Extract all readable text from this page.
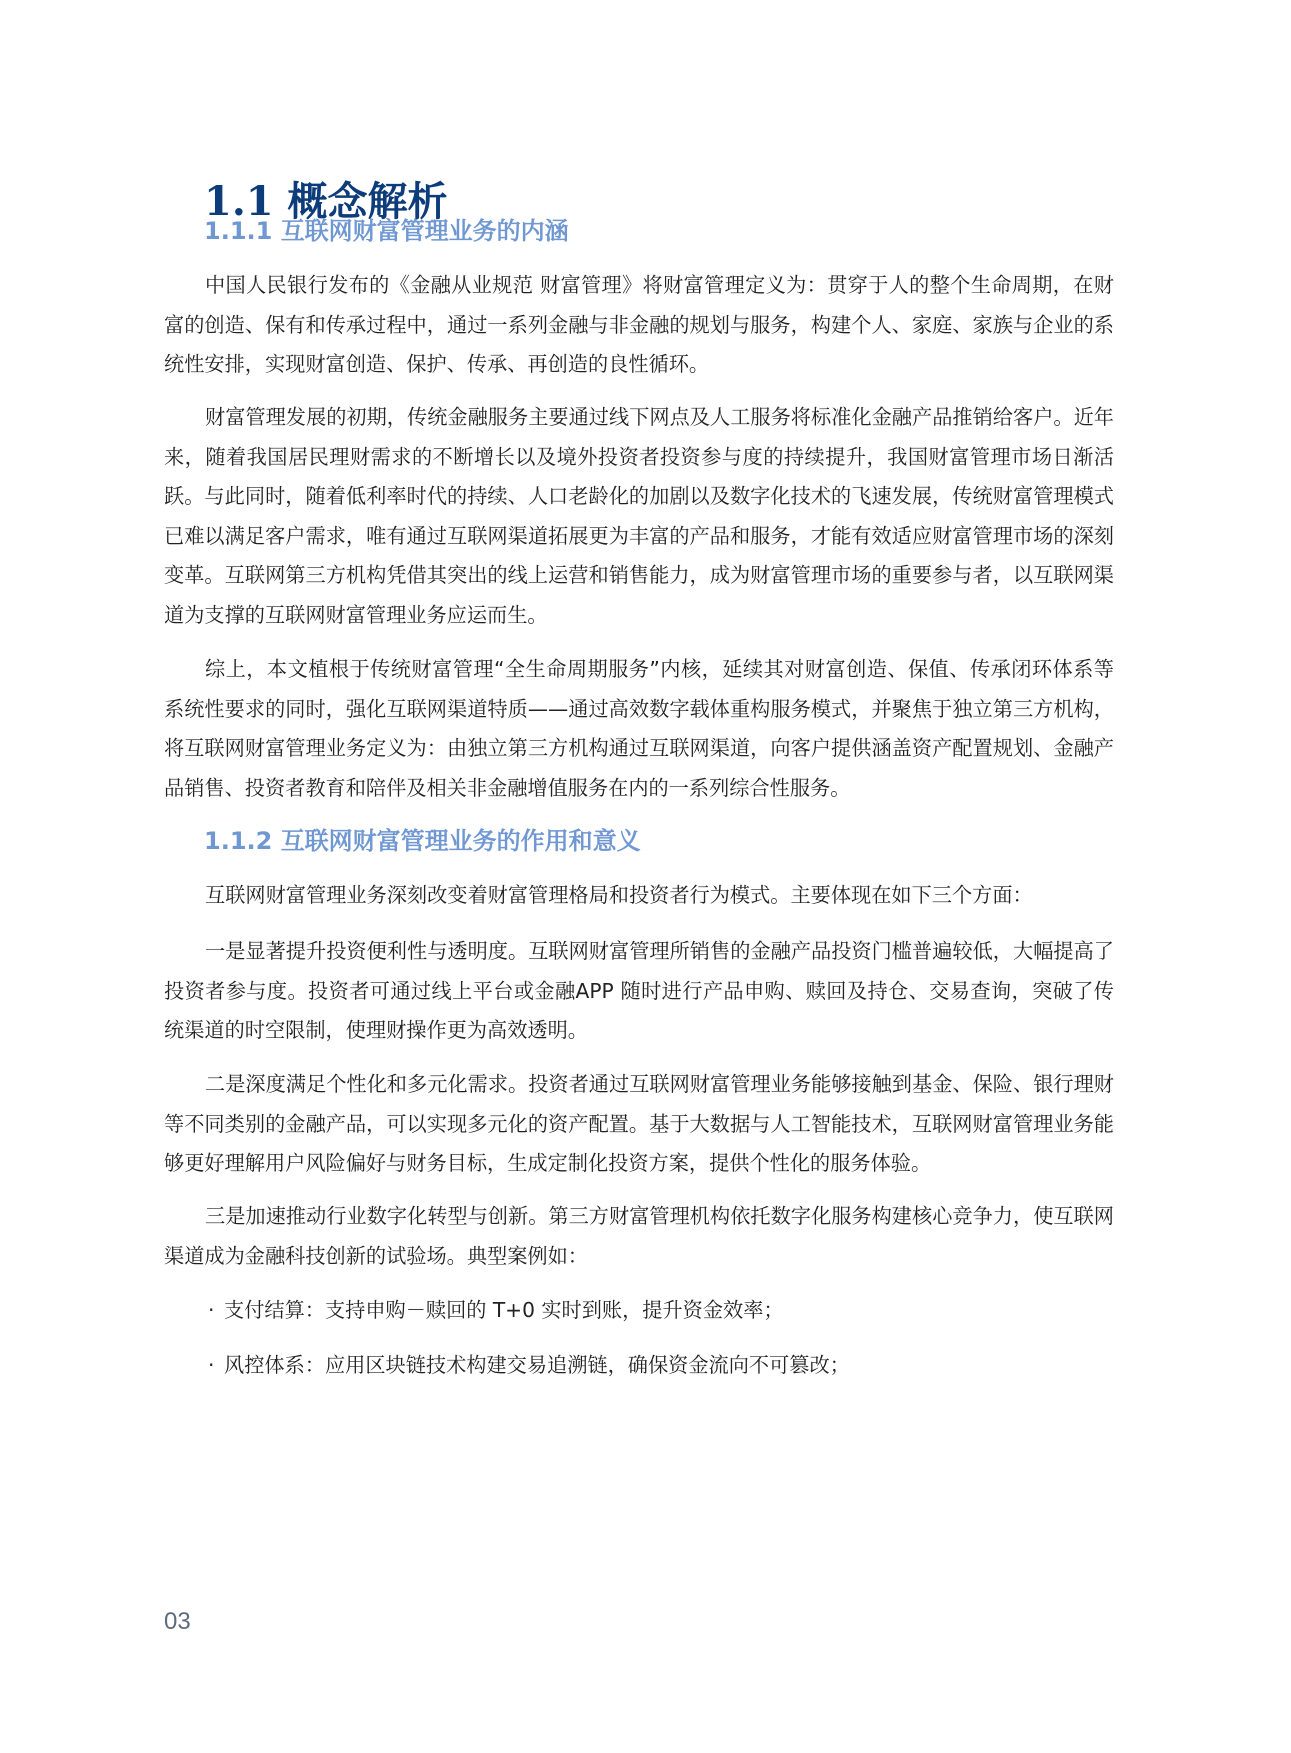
1.1 概念解析
1.1.1 互联网财富管理业务的内涵

中国人民银行发布的《金融从业规范 财富管理》将财富管理定义为：贯穿于人的整个生命周期，在财富的创造、保有和传承过程中，通过一系列金融与非金融的规划与服务，构建个人、家庭、家族与企业的系统性安排，实现财富创造、保护、传承、再创造的良性循环。

财富管理发展的初期，传统金融服务主要通过线下网点及人工服务将标准化金融产品推销给客户。近年来，随着我国居民理财需求的不断增长以及境外投资者投资参与度的持续提升，我国财富管理市场日渐活跃。与此同时，随着低利率时代的持续、人口老龄化的加剧以及数字化技术的飞速发展，传统财富管理模式已难以满足客户需求，唯有通过互联网渠道拓展更为丰富的产品和服务，才能有效适应财富管理市场的深刻变革。互联网第三方机构凭借其突出的线上运营和销售能力，成为财富管理市场的重要参与者，以互联网渠道为支撑的互联网财富管理业务应运而生。

综上，本文植根于传统财富管理“全生命周期服务”内核，延续其对财富创造、保值、传承闭环体系等系统性要求的同时，强化互联网渠道特质——通过高效数字载体重构服务模式，并聚焦于独立第三方机构，将互联网财富管理业务定义为：由独立第三方机构通过互联网渠道，向客户提供涵盖资产配置规划、金融产品销售、投资者教育和陪伴及相关非金融增值服务在内的一系列综合性服务。

1.1.2 互联网财富管理业务的作用和意义

互联网财富管理业务深刻改变着财富管理格局和投资者行为模式。主要体现在如下三个方面：

一是显著提升投资便利性与透明度。互联网财富管理所销售的金融产品投资门槛普遍较低，大幅提高了投资者参与度。投资者可通过线上平台或金融APP 随时进行产品申购、赎回及持仓、交易查询，突破了传统渠道的时空限制，使理财操作更为高效透明。

二是深度满足个性化和多元化需求。投资者通过互联网财富管理业务能够接触到基金、保险、银行理财等不同类别的金融产品，可以实现多元化的资产配置。基于大数据与人工智能技术，互联网财富管理业务能够更好理解用户风险偏好与财务目标，生成定制化投资方案，提供个性化的服务体验。

三是加速推动行业数字化转型与创新。第三方财富管理机构依托数字化服务构建核心竞争力，使互联网渠道成为金融科技创新的试验场。典型案例如：

· 支付结算：支持申购－赎回的 T+0 实时到账，提升资金效率；

· 风控体系：应用区块链技术构建交易追溯链，确保资金流向不可篡改；

03
